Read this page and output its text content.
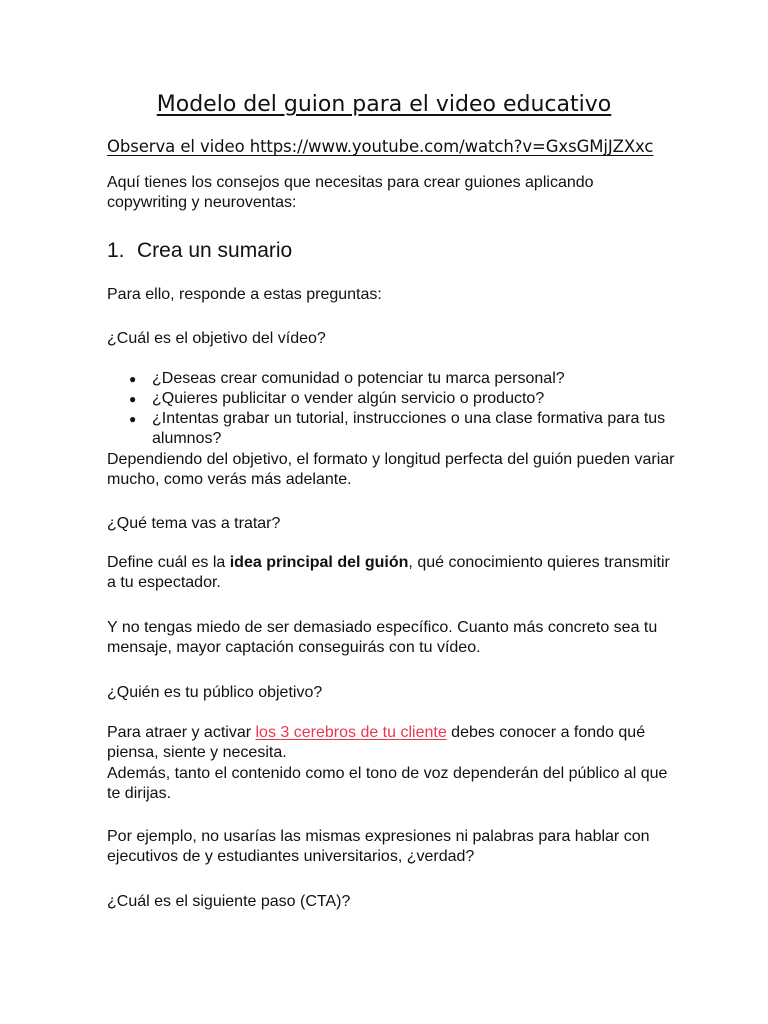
Modelo del guion para el video educativo
Observa el video https://www.youtube.com/watch?v=GxsGMjJZXxc
Aquí tienes los consejos que necesitas para crear guiones aplicando copywriting y neuroventas:
1. Crea un sumario
Para ello, responde a estas preguntas:
¿Cuál es el objetivo del vídeo?
● ¿Deseas crear comunidad o potenciar tu marca personal?
● ¿Quieres publicitar o vender algún servicio o producto?
● ¿Intentas grabar un tutorial, instrucciones o una clase formativa para tus alumnos?
Dependiendo del objetivo, el formato y longitud perfecta del guión pueden variar mucho, como verás más adelante.
¿Qué tema vas a tratar?
Define cuál es la idea principal del guión, qué conocimiento quieres transmitir a tu espectador.
Y no tengas miedo de ser demasiado específico. Cuanto más concreto sea tu mensaje, mayor captación conseguirás con tu vídeo.
¿Quién es tu público objetivo?
Para atraer y activar los 3 cerebros de tu cliente debes conocer a fondo qué piensa, siente y necesita.
Además, tanto el contenido como el tono de voz dependerán del público al que te dirijas.
Por ejemplo, no usarías las mismas expresiones ni palabras para hablar con ejecutivos de y estudiantes universitarios, ¿verdad?
¿Cuál es el siguiente paso (CTA)?
